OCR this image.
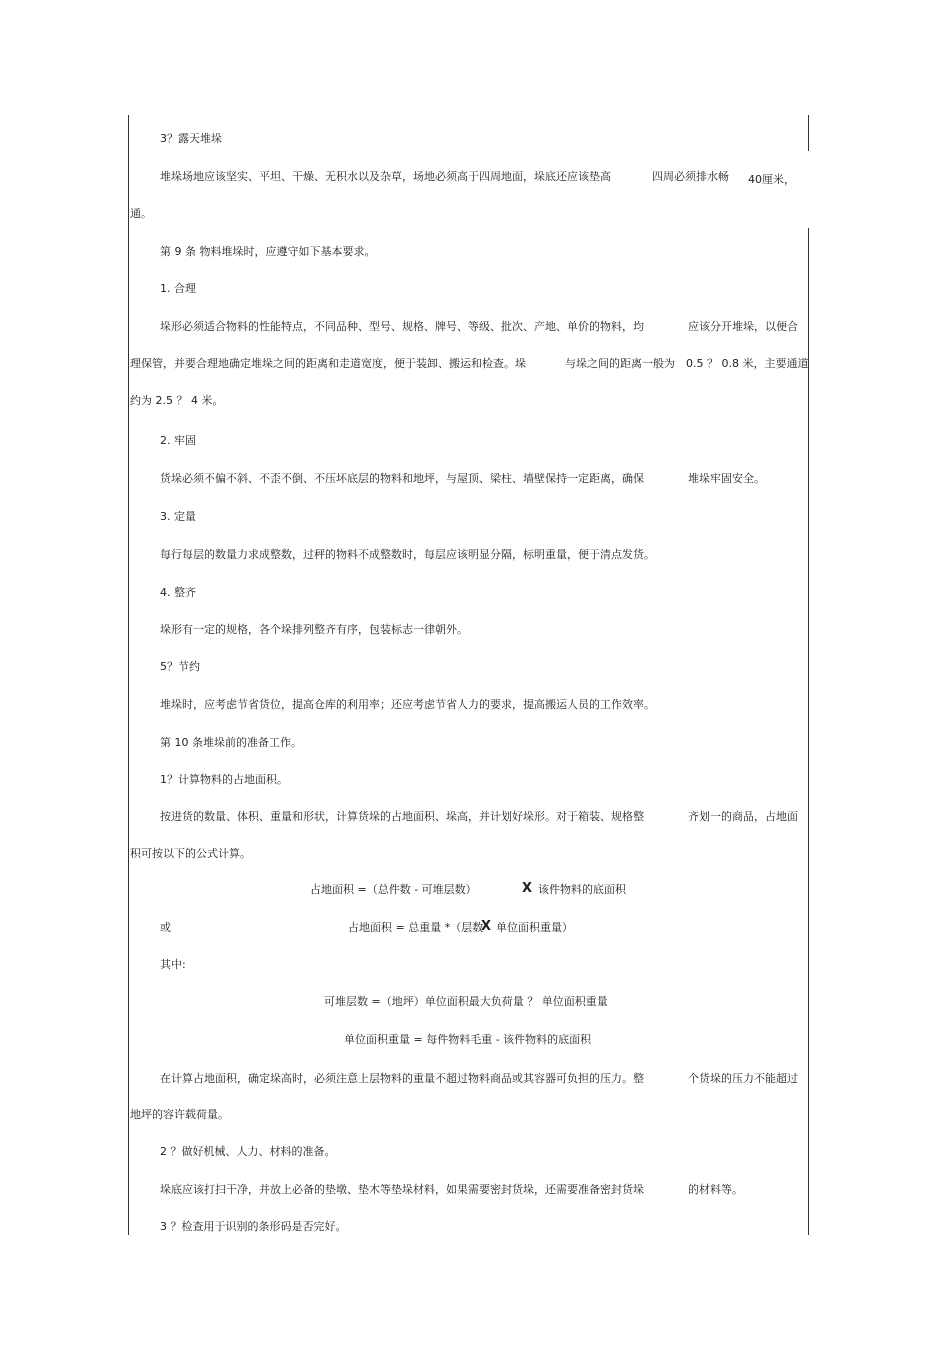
3？露天堆垛
堆垛场地应该坚实、平坦、干燥、无积水以及杂草，场地必须高于四周地面，垛底还应该垫高	四周必须排水畅 40厘米，
通。
第 9 条 物料堆垛时，应遵守如下基本要求。
1. 合理
垛形必须适合物料的性能特点，不同品种、型号、规格、牌号、等级、批次、产地、单价的物料，均	应该分开堆垛，以便合
理保管，并要合理地确定堆垛之间的距离和走道宽度，便于装卸、搬运和检查。垛	与垛之间的距离一般为 0.5 ？ 0.8 米，主要通道
约为 2.5 ？ 4 米。
2. 牢固
货垛必须不偏不斜、不歪不倒、不压坏底层的物料和地坪，与屋顶、梁柱、墙壁保持一定距离，确保	堆垛牢固安全。
3. 定量
每行每层的数量力求成整数，过秤的物料不成整数时，每层应该明显分隔，标明重量，便于清点发货。
4. 整齐
垛形有一定的规格，各个垛排列整齐有序，包装标志一律朝外。
5？节约
堆垛时，应考虑节省货位，提高仓库的利用率；还应考虑节省人力的要求，提高搬运人员的工作效率。
第 10 条堆垛前的准备工作。
1？计算物料的占地面积。
按进货的数量、体积、重量和形状，计算货垛的占地面积、垛高，并计划好垛形。对于箱装、规格整	齐划一的商品，占地面
积可按以下的公式计算。
占地面积 =（总件数 - 可堆层数）	X 该件物料的底面积
或	占地面积 = 总重量 *（层数
X 单位面积重量）
其中:
可堆层数 =（地坪）单位面积最大负荷量 ？ 单位面积重量
单位面积重量 = 每件物料毛重 - 该件物料的底面积
在计算占地面积，确定垛高时，必须注意上层物料的重量不超过物料商品或其容器可负担的压力。整	个货垛的压力不能超过
地坪的容许载荷量。
2 ？做好机械、人力、材料的准备。
垛底应该打扫干净，并放上必备的垫墩、垫木等垫垛材料，如果需要密封货垛，还需要准备密封货垛	的材料等。
3 ？检查用于识别的条形码是否完好。
